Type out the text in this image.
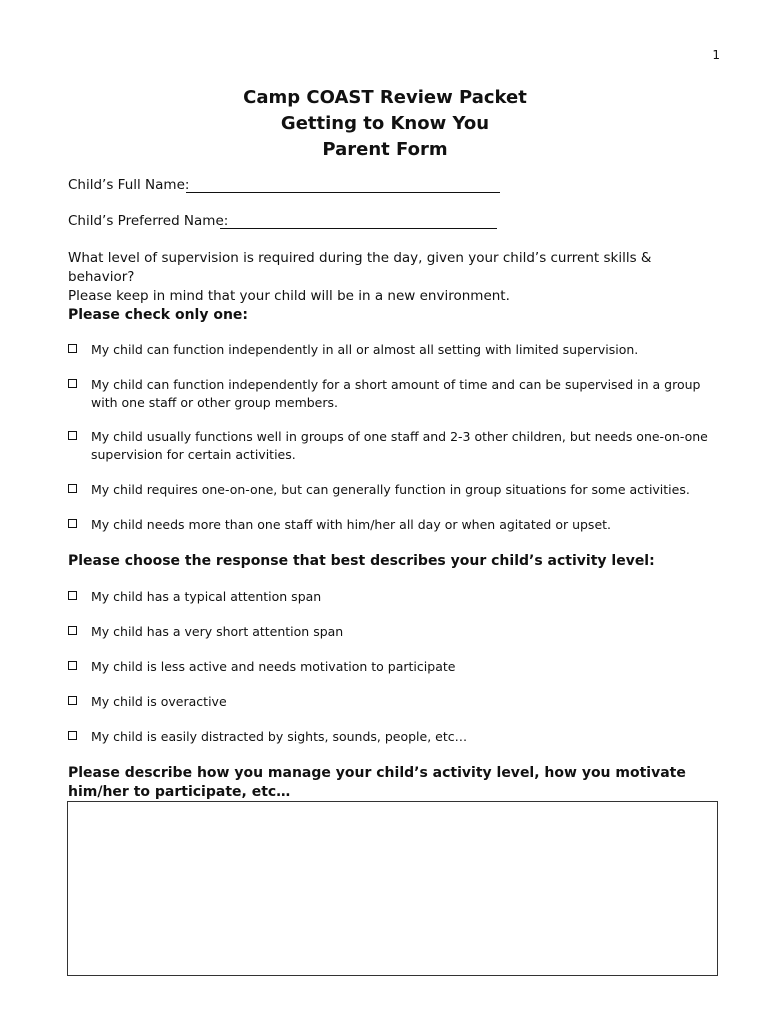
1
Camp COAST Review Packet
Getting to Know You
Parent Form
Child’s Full Name:
Child’s Preferred Name:
What level of supervision is required during the day, given your child’s current skills & behavior?
Please keep in mind that your child will be in a new environment.
Please check only one:
My child can function independently in all or almost all setting with limited supervision.
My child can function independently for a short amount of time and can be supervised in a group with one staff or other group members.
My child usually functions well in groups of one staff and 2-3 other children, but needs one-on-one supervision for certain activities.
My child requires one-on-one, but can generally function in group situations for some activities.
My child needs more than one staff with him/her all day or when agitated or upset.
Please choose the response that best describes your child’s activity level:
My child has a typical attention span
My child has a very short attention span
My child is less active and needs motivation to participate
My child is overactive
My child is easily distracted by sights, sounds, people, etc…
Please describe how you manage your child’s activity level, how you motivate him/her to participate, etc…
